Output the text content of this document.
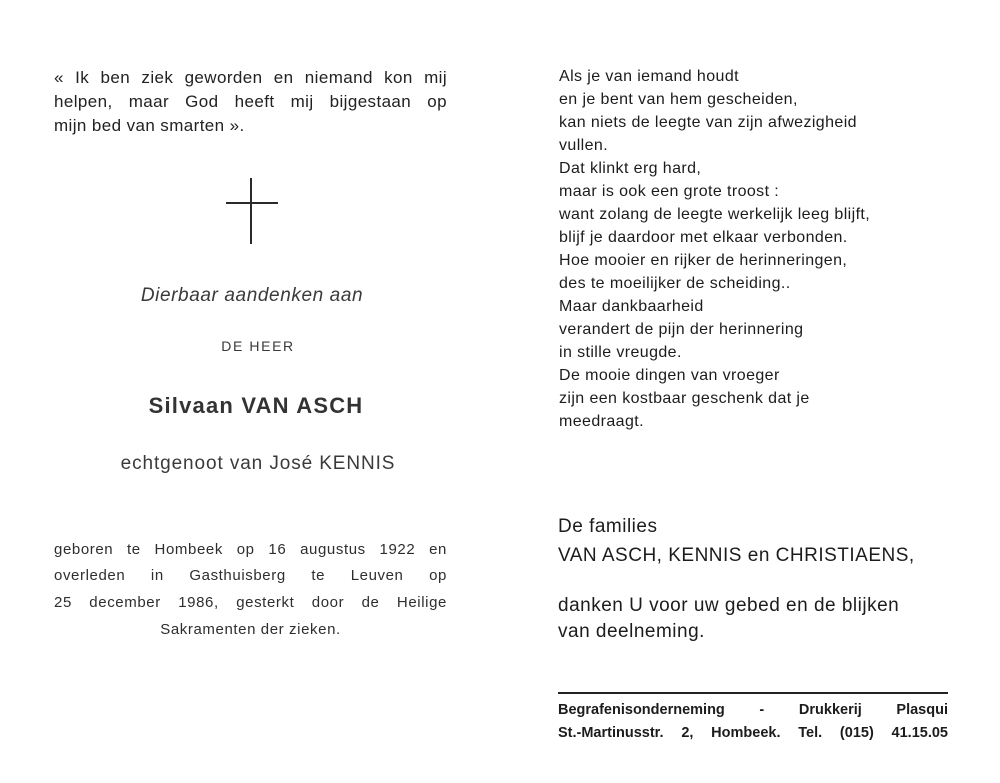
« Ik ben ziek geworden en niemand kon mij
helpen, maar God heeft mij bijgestaan op
mijn bed van smarten ».
Dierbaar aandenken aan
DE HEER
Silvaan VAN ASCH
echtgenoot van José KENNIS
geboren te Hombeek op 16 augustus 1922 en
overleden in Gasthuisberg te Leuven op
25 december 1986, gesterkt door de Heilige
Sakramenten der zieken.
Als je van iemand houdt
en je bent van hem gescheiden,
kan niets de leegte van zijn afwezigheid
vullen.
Dat klinkt erg hard,
maar is ook een grote troost :
want zolang de leegte werkelijk leeg blijft,
blijf je daardoor met elkaar verbonden.
Hoe mooier en rijker de herinneringen,
des te moeilijker de scheiding..
Maar dankbaarheid
verandert de pijn der herinnering
in stille vreugde.
De mooie dingen van vroeger
zijn een kostbaar geschenk dat je
meedraagt.
De families
VAN ASCH, KENNIS en CHRISTIAENS,
danken U voor uw gebed en de blijken
van deelneming.
Begrafenisonderneming - Drukkerij Plasqui
St.-Martinusstr. 2, Hombeek. Tel. (015) 41.15.05
